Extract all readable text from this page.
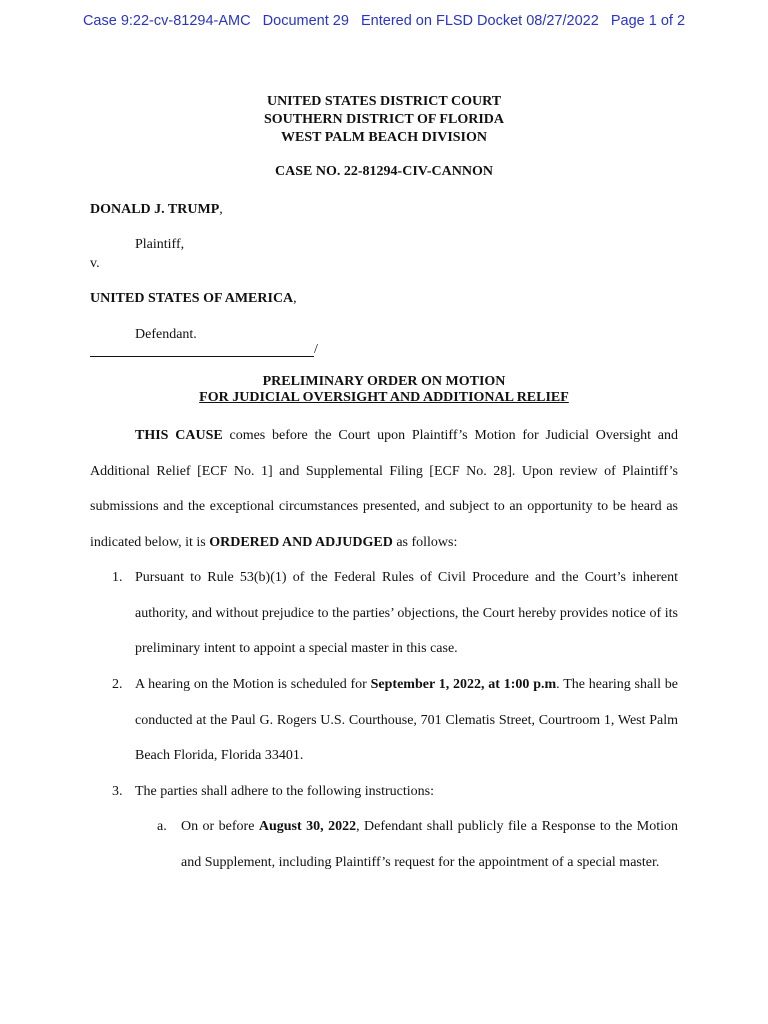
Case 9:22-cv-81294-AMC   Document 29   Entered on FLSD Docket 08/27/2022   Page 1 of 2
UNITED STATES DISTRICT COURT
SOUTHERN DISTRICT OF FLORIDA
WEST PALM BEACH DIVISION
CASE NO. 22-81294-CIV-CANNON
DONALD J. TRUMP,
Plaintiff,
v.
UNITED STATES OF AMERICA,
Defendant.
/
PRELIMINARY ORDER ON MOTION
FOR JUDICIAL OVERSIGHT AND ADDITIONAL RELIEF

THIS CAUSE comes before the Court upon Plaintiff’s Motion for Judicial Oversight and Additional Relief [ECF No. 1] and Supplemental Filing [ECF No. 28]. Upon review of Plaintiff’s submissions and the exceptional circumstances presented, and subject to an opportunity to be heard as indicated below, it is ORDERED AND ADJUDGED as follows:

1. Pursuant to Rule 53(b)(1) of the Federal Rules of Civil Procedure and the Court’s inherent authority, and without prejudice to the parties’ objections, the Court hereby provides notice of its preliminary intent to appoint a special master in this case.
2. A hearing on the Motion is scheduled for September 1, 2022, at 1:00 p.m. The hearing shall be conducted at the Paul G. Rogers U.S. Courthouse, 701 Clematis Street, Courtroom 1, West Palm Beach Florida, Florida 33401.
3. The parties shall adhere to the following instructions:
a. On or before August 30, 2022, Defendant shall publicly file a Response to the Motion and Supplement, including Plaintiff’s request for the appointment of a special master.
